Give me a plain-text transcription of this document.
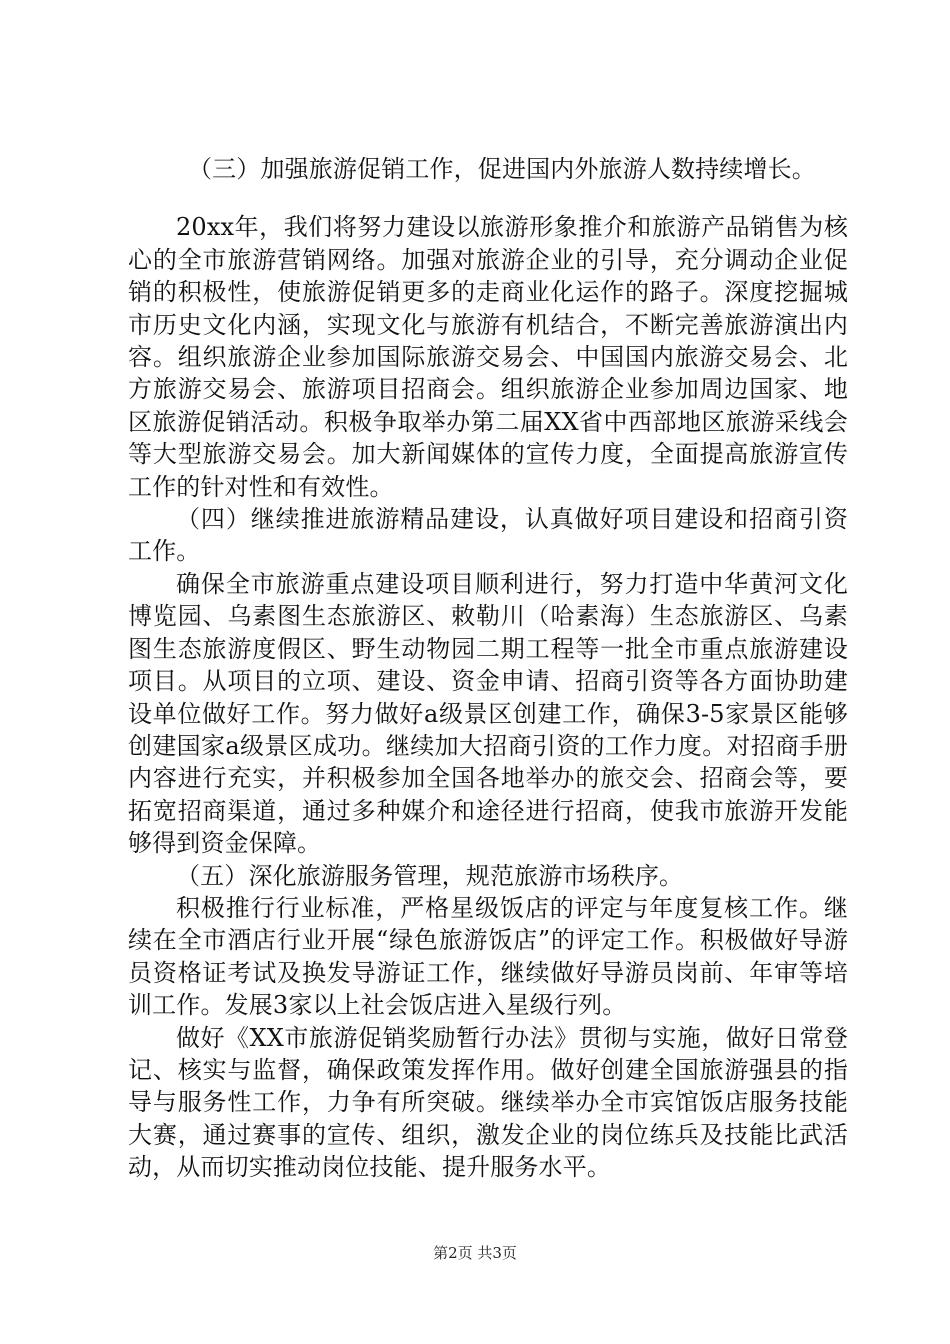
（三）加强旅游促销工作，促进国内外旅游人数持续增长。

20xx年，我们将努力建设以旅游形象推介和旅游产品销售为核心的全市旅游营销网络。加强对旅游企业的引导，充分调动企业促销的积极性，使旅游促销更多的走商业化运作的路子。深度挖掘城市历史文化内涵，实现文化与旅游有机结合，不断完善旅游演出内容。组织旅游企业参加国际旅游交易会、中国国内旅游交易会、北方旅游交易会、旅游项目招商会。组织旅游企业参加周边国家、地区旅游促销活动。积极争取举办第二届XX省中西部地区旅游采线会等大型旅游交易会。加大新闻媒体的宣传力度，全面提高旅游宣传工作的针对性和有效性。

（四）继续推进旅游精品建设，认真做好项目建设和招商引资工作。

确保全市旅游重点建设项目顺利进行，努力打造中华黄河文化博览园、乌素图生态旅游区、敕勒川（哈素海）生态旅游区、乌素图生态旅游度假区、野生动物园二期工程等一批全市重点旅游建设项目。从项目的立项、建设、资金申请、招商引资等各方面协助建设单位做好工作。努力做好a级景区创建工作，确保3-5家景区能够创建国家a级景区成功。继续加大招商引资的工作力度。对招商手册内容进行充实，并积极参加全国各地举办的旅交会、招商会等，要拓宽招商渠道，通过多种媒介和途径进行招商，使我市旅游开发能够得到资金保障。

（五）深化旅游服务管理，规范旅游市场秩序。

积极推行行业标准，严格星级饭店的评定与年度复核工作。继续在全市酒店行业开展“绿色旅游饭店”的评定工作。积极做好导游员资格证考试及换发导游证工作，继续做好导游员岗前、年审等培训工作。发展3家以上社会饭店进入星级行列。

做好《XX市旅游促销奖励暂行办法》贯彻与实施，做好日常登记、核实与监督，确保政策发挥作用。做好创建全国旅游强县的指导与服务性工作，力争有所突破。继续举办全市宾馆饭店服务技能大赛，通过赛事的宣传、组织，激发企业的岗位练兵及技能比武活动，从而切实推动岗位技能、提升服务水平。

第2页 共3页
